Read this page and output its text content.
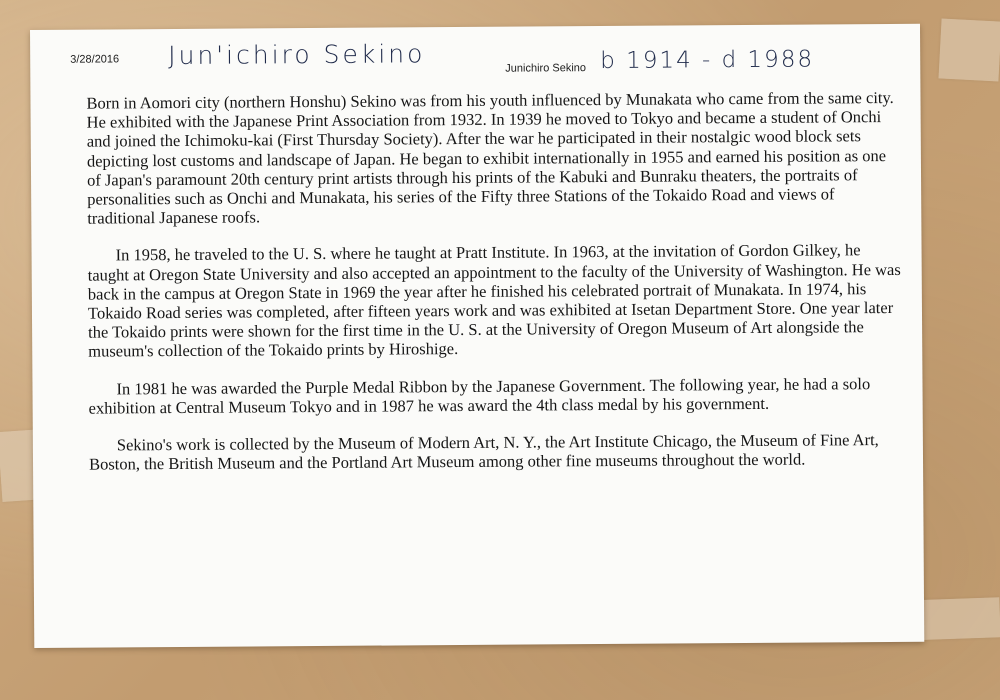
3/28/2016 Jun'ichiro Sekino	Junichiro Sekino b 1914 - d 1988

Born in Aomori city (northern Honshu) Sekino was from his youth influenced by Munakata who came from the same city. He exhibited with the Japanese Print Association from 1932. In 1939 he moved to Tokyo and became a student of Onchi and joined the Ichimoku-kai (First Thursday Society). After the war he participated in their nostalgic wood block sets depicting lost customs and landscape of Japan. He began to exhibit internationally in 1955 and earned his position as one of Japan's paramount 20th century print artists through his prints of the Kabuki and Bunraku theaters, the portraits of personalities such as Onchi and Munakata, his series of the Fifty three Stations of the Tokaido Road and views of traditional Japanese roofs.

In 1958, he traveled to the U. S. where he taught at Pratt Institute. In 1963, at the invitation of Gordon Gilkey, he taught at Oregon State University and also accepted an appointment to the faculty of the University of Washington. He was back in the campus at Oregon State in 1969 the year after he finished his celebrated portrait of Munakata. In 1974, his Tokaido Road series was completed, after fifteen years work and was exhibited at Isetan Department Store. One year later the Tokaido prints were shown for the first time in the U. S. at the University of Oregon Museum of Art alongside the museum's collection of the Tokaido prints by Hiroshige.

In 1981 he was awarded the Purple Medal Ribbon by the Japanese Government. The following year, he had a solo exhibition at Central Museum Tokyo and in 1987 he was award the 4th class medal by his government.

Sekino's work is collected by the Museum of Modern Art, N. Y., the Art Institute Chicago, the Museum of Fine Art, Boston, the British Museum and the Portland Art Museum among other fine museums throughout the world.
